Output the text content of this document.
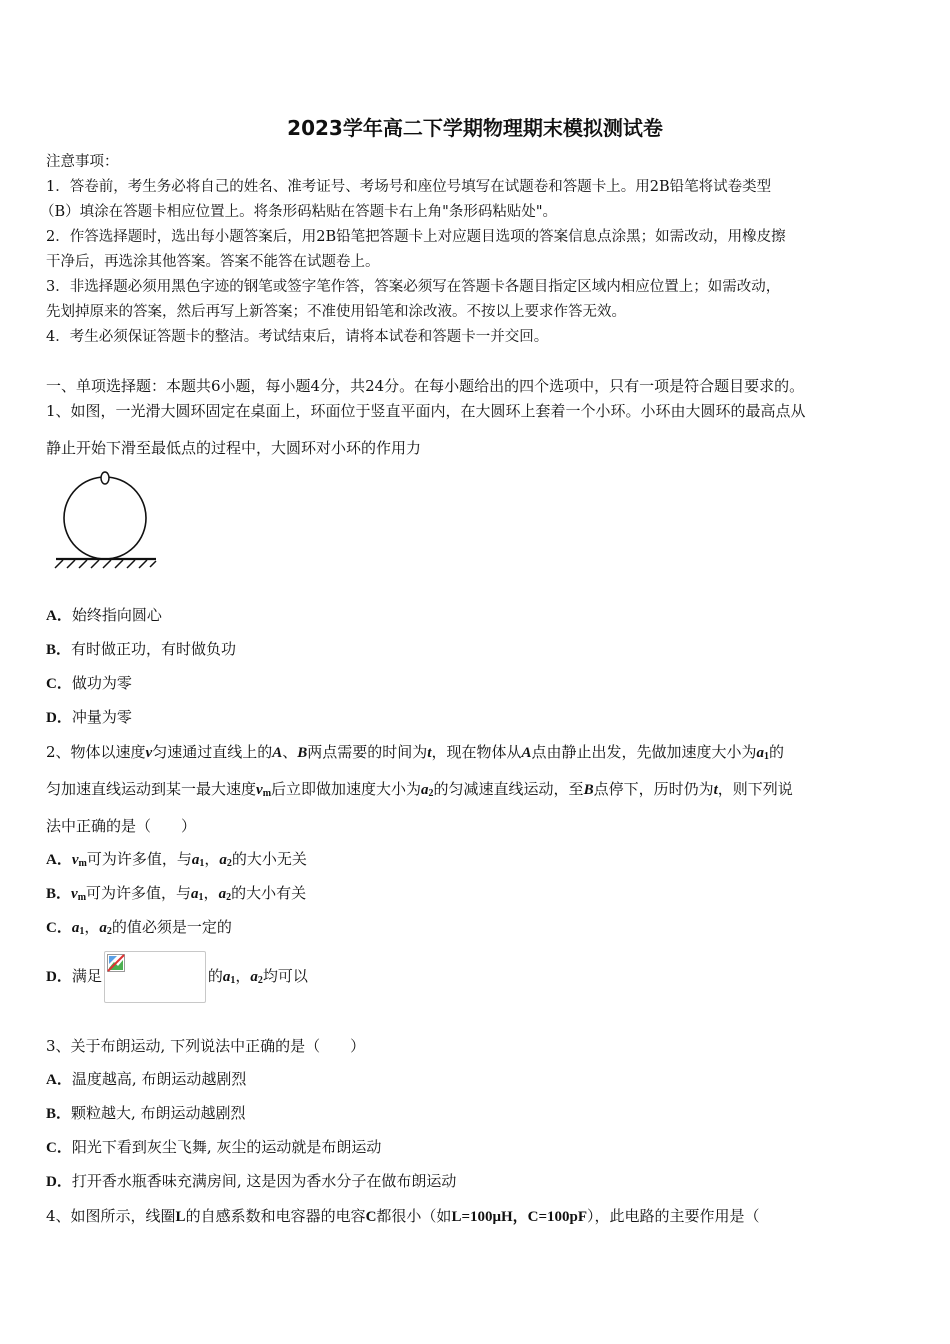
2023学年高二下学期物理期末模拟测试卷
注意事项：
1．答卷前，考生务必将自己的姓名、准考证号、考场号和座位号填写在试题卷和答题卡上。用2B铅笔将试卷类型
（B）填涂在答题卡相应位置上。将条形码粘贴在答题卡右上角"条形码粘贴处"。
2．作答选择题时，选出每小题答案后，用2B铅笔把答题卡上对应题目选项的答案信息点涂黑；如需改动，用橡皮擦
干净后，再选涂其他答案。答案不能答在试题卷上。
3．非选择题必须用黑色字迹的钢笔或签字笔作答，答案必须写在答题卡各题目指定区域内相应位置上；如需改动，
先划掉原来的答案，然后再写上新答案；不准使用铅笔和涂改液。不按以上要求作答无效。
4．考生必须保证答题卡的整洁。考试结束后，请将本试卷和答题卡一并交回。
一、单项选择题：本题共6小题，每小题4分，共24分。在每小题给出的四个选项中，只有一项是符合题目要求的。
1、如图，一光滑大圆环固定在桌面上，环面位于竖直平面内，在大圆环上套着一个小环。小环由大圆环的最高点从
静止开始下滑至最低点的过程中，大圆环对小环的作用力
A．始终指向圆心
B．有时做正功，有时做负功
C．做功为零
D．冲量为零
2、物体以速度v匀速通过直线上的A、B两点需要的时间为t，现在物体从A点由静止出发，先做加速度大小为$a_1$的
匀加速直线运动到某一最大速度$v_m$后立即做加速度大小为$a_2$的匀减速直线运动，至B点停下，历时仍为t，则下列说
法中正确的是（　　）
A．$v_m$可为许多值，与$a_1$，$a_2$的大小无关
B．$v_m$可为许多值，与$a_1$，$a_2$的大小有关
C．$a_1$，$a_2$的值必须是一定的
D．满足	的$a_1$，$a_2$均可以
3、关于布朗运动, 下列说法中正确的是（　　）
A．温度越高, 布朗运动越剧烈
B．颗粒越大, 布朗运动越剧烈
C．阳光下看到灰尘飞舞, 灰尘的运动就是布朗运动
D．打开香水瓶香味充满房间, 这是因为香水分子在做布朗运动
4、如图所示，线圈L的自感系数和电容器的电容C都很小（如L=100μH，C=100pF），此电路的主要作用是（
